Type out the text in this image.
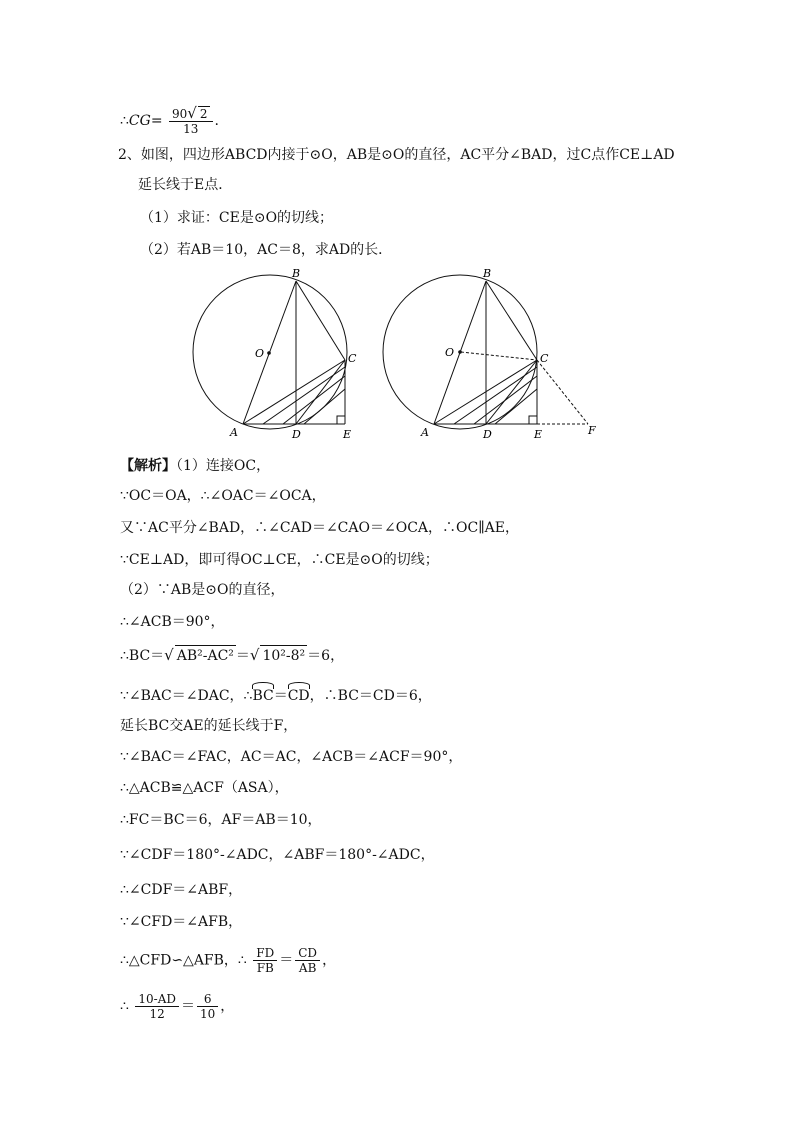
∴CG= $\frac{90√ 2}{13}$ .
2、如图，四边形ABCD内接于⊙O，AB是⊙O的直径，AC平分∠BAD，过C点作CE⊥AD
延长线于E点．
（1）求证：CE是⊙O的切线；
（2）若AB＝10，AC＝8，求AD的长．
A
B
C
D	E
O
A
B
C
D	E
O
F
【解析】（1）连接OC，
∵OC＝OA，∴∠OAC＝∠OCA，
又∵AC平分∠BAD，∴∠CAD＝∠CAO＝∠OCA，∴OC∥AE，
∵CE⊥AD，即可得OC⊥CE，∴CE是⊙O的切线；
（2）∵AB是⊙O的直径，
∴∠ACB＝90°，
∴BC＝√ AB²-AC² ＝√ 10²-8² ＝6，
∵∠BAC＝∠DAC，∴BC＝CD，∴BC＝CD＝6，
延长BC交AE的延长线于F，
∵∠BAC＝∠FAC，AC＝AC，∠ACB＝∠ACF＝90°，
∴△ACB≌△ACF（ASA），
∴FC＝BC＝6，AF＝AB＝10，
∵∠CDF＝180°-∠ADC，∠ABF＝180°-∠ADC，
∴∠CDF＝∠ABF，
∵∠CFD＝∠AFB，
∴△CFD∽△AFB，∴ $\frac{FD}{FB} = \frac{CD}{AB}$ ，
∴ $\frac{10-AD}{12} = \frac{6}{10}$ ，
